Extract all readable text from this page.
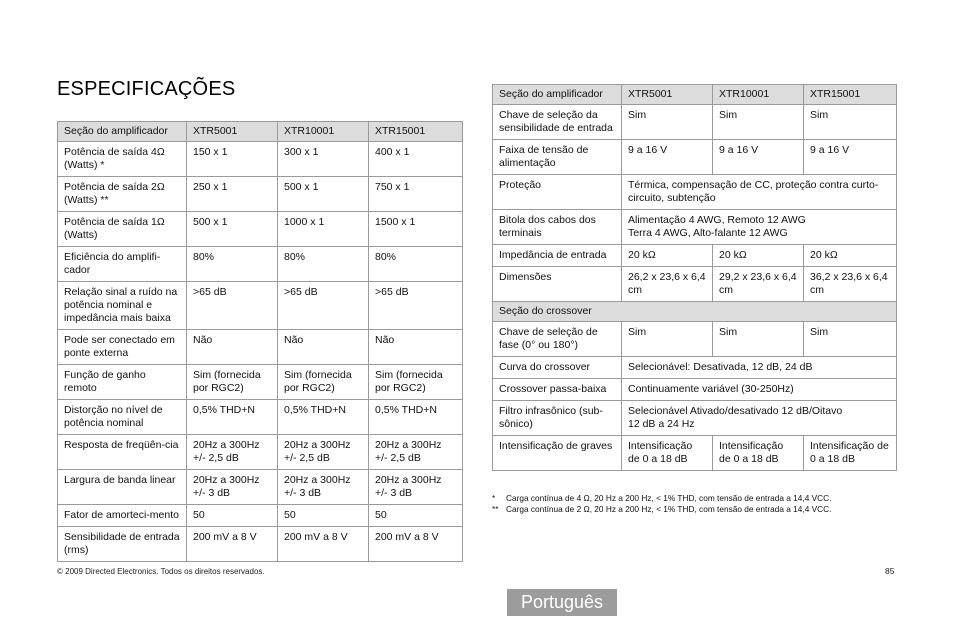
ESPECIFICAÇÕES
Seção do amplificador	XTR5001	XTR10001	XTR15001
Potência de saída 4Ω (Watts) *	150 x 1	300 x 1	400 x 1
Potência de saída 2Ω (Watts) **	250 x 1	500 x 1	750 x 1
Potência de saída 1Ω (Watts)	500 x 1	1000 x 1	1500 x 1
Eficiência do amplifi-cador	80%	80%	80%
Relação sinal a ruído na potência nominal e impedância mais baixa	>65 dB	>65 dB	>65 dB
Pode ser conectado em ponte externa	Não	Não	Não
Função de ganho remoto	Sim (fornecida por RGC2)	Sim (fornecida por RGC2)	Sim (fornecida por RGC2)
Distorção no nível de potência nominal	0,5% THD+N	0,5% THD+N	0,5% THD+N
Resposta de freqüên-cia	20Hz a 300Hz +/- 2,5 dB	20Hz a 300Hz +/- 2,5 dB	20Hz a 300Hz +/- 2,5 dB
Largura de banda linear	20Hz a 300Hz +/- 3 dB	20Hz a 300Hz +/- 3 dB	20Hz a 300Hz +/- 3 dB
Fator de amorteci-mento	50	50	50
Sensibilidade de entrada (rms)	200 mV a 8 V	200 mV a 8 V	200 mV a 8 V
Seção do amplificador	XTR5001	XTR10001	XTR15001
Chave de seleção da sensibilidade de entrada	Sim	Sim	Sim
Faixa de tensão de alimentação	9 a 16 V	9 a 16 V	9 a 16 V
Proteção	Térmica, compensação de CC, proteção contra curto-circuito, subtenção		
Bitola dos cabos dos terminais	Alimentação 4 AWG, Remoto 12 AWG
Terra 4 AWG, Alto-falante 12 AWG		
Impedância de entrada	20 kΩ	20 kΩ	20 kΩ
Dimensões	26,2 x 23,6 x 6,4 cm	29,2 x 23,6 x 6,4 cm	36,2 x 23,6 x 6,4 cm
Seção do crossover			
Chave de seleção de fase (0° ou 180°)	Sim	Sim	Sim
Curva do crossover	Selecionável: Desativada, 12 dB, 24 dB		
Crossover passa-baixa	Continuamente variável (30-250Hz)		
Filtro infrasônico (sub-sônico)	Selecionável Ativado/desativado 12 dB/Oitavo
12 dB a 24 Hz		
Intensificação de graves	Intensificação de 0 a 18 dB	Intensificação de 0 a 18 dB	Intensificação de 0 a 18 dB
* Carga contínua de 4 Ω, 20 Hz a 200 Hz, < 1% THD, com tensão de entrada a 14,4 VCC.
** Carga contínua de 2 Ω, 20 Hz a 200 Hz, < 1% THD, com tensão de entrada a 14,4 VCC.
© 2009 Directed Electronics. Todos os direitos reservados.	85
Português
